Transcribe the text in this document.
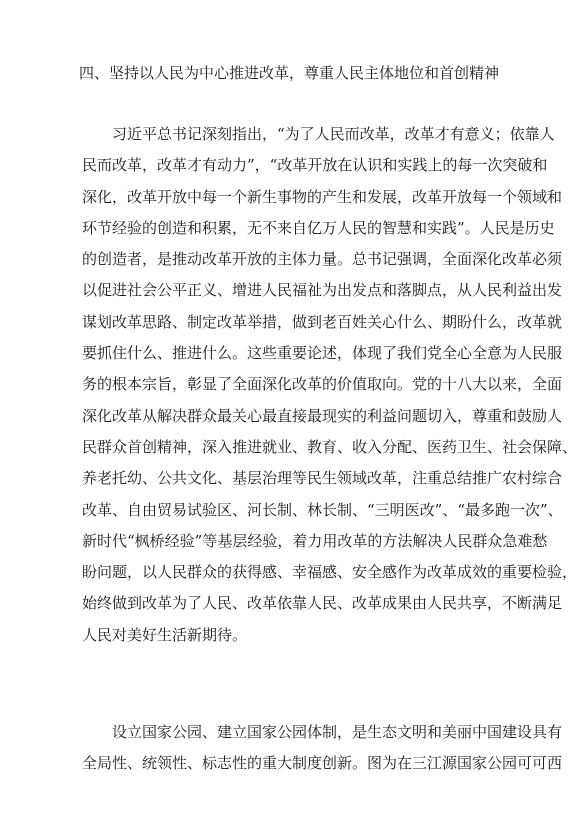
四、坚持以人民为中心推进改革，尊重人民主体地位和首创精神
习近平总书记深刻指出，“为了人民而改革，改革才有意义；依靠人
民而改革，改革才有动力”，“改革开放在认识和实践上的每一次突破和
深化，改革开放中每一个新生事物的产生和发展，改革开放每一个领域和
环节经验的创造和积累，无不来自亿万人民的智慧和实践”。人民是历史
的创造者，是推动改革开放的主体力量。总书记强调，全面深化改革必须
以促进社会公平正义、增进人民福祉为出发点和落脚点，从人民利益出发
谋划改革思路、制定改革举措，做到老百姓关心什么、期盼什么，改革就
要抓住什么、推进什么。这些重要论述，体现了我们党全心全意为人民服
务的根本宗旨，彰显了全面深化改革的价值取向。党的十八大以来，全面
深化改革从解决群众最关心最直接最现实的利益问题切入，尊重和鼓励人
民群众首创精神，深入推进就业、教育、收入分配、医药卫生、社会保障、
养老托幼、公共文化、基层治理等民生领域改革，注重总结推广农村综合
改革、自由贸易试验区、河长制、林长制、“三明医改”、“最多跑一次”、
新时代“枫桥经验”等基层经验，着力用改革的方法解决人民群众急难愁
盼问题，以人民群众的获得感、幸福感、安全感作为改革成效的重要检验，
始终做到改革为了人民、改革依靠人民、改革成果由人民共享，不断满足
人民对美好生活新期待。
设立国家公园、建立国家公园体制，是生态文明和美丽中国建设具有
全局性、统领性、标志性的重大制度创新。图为在三江源国家公园可可西
